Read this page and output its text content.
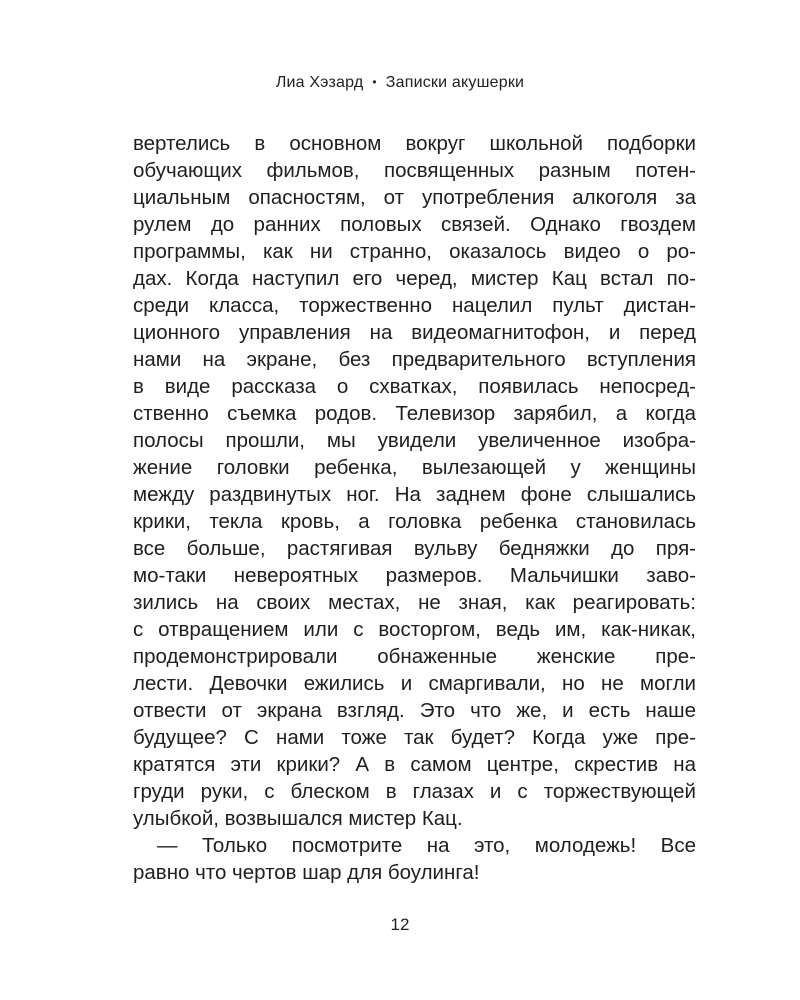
Лиа Хэзард • Записки акушерки
вертелись в основном вокруг школьной подборки
обучающих фильмов, посвященных разным потен-
циальным опасностям, от употребления алкоголя за
рулем до ранних половых связей. Однако гвоздем
программы, как ни странно, оказалось видео о ро-
дах. Когда наступил его черед, мистер Кац встал по-
среди класса, торжественно нацелил пульт дистан-
ционного управления на видеомагнитофон, и перед
нами на экране, без предварительного вступления
в виде рассказа о схватках, появилась непосред-
ственно съемка родов. Телевизор зарябил, а когда
полосы прошли, мы увидели увеличенное изобра-
жение головки ребенка, вылезающей у женщины
между раздвинутых ног. На заднем фоне слышались
крики, текла кровь, а головка ребенка становилась
все больше, растягивая вульву бедняжки до пря-
мо-таки невероятных размеров. Мальчишки заво-
зились на своих местах, не зная, как реагировать:
с отвращением или с восторгом, ведь им, как-никак,
продемонстрировали обнаженные женские пре-
лести. Девочки ежились и смаргивали, но не могли
отвести от экрана взгляд. Это что же, и есть наше
будущее? С нами тоже так будет? Когда уже пре-
кратятся эти крики? А в самом центре, скрестив на
груди руки, с блеском в глазах и с торжествующей
улыбкой, возвышался мистер Кац.
— Только посмотрите на это, молодежь! Все
равно что чертов шар для боулинга!
12
